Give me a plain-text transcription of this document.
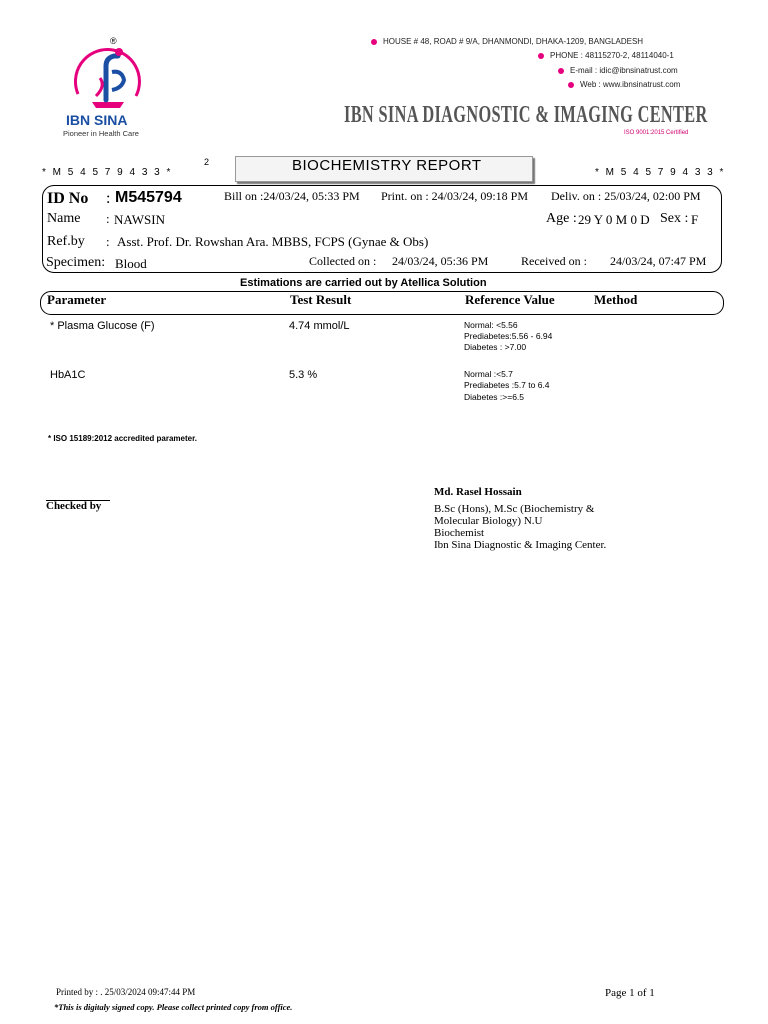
®
IBN SINA
Pioneer in Health Care
HOUSE # 48, ROAD # 9/A, DHANMONDI, DHAKA-1209, BANGLADESH
PHONE : 48115270-2, 48114040-1
E-mail : idic@ibnsinatrust.com
Web : www.ibnsinatrust.com
IBN SINA DIAGNOSTIC & IMAGING CENTER
ISO 9001:2015 Certified
* M 5 4 5 7 9 4 3 3 *
2	BIOCHEMISTRY REPORT	* M 5 4 5 7 9 4 3 3 *
ID No : M545794	Bill on :24/03/24, 05:33 PM Print. on : 24/03/24, 09:18 PM Deliv. on : 25/03/24, 02:00 PM
Name : NAWSIN	Age : 29 Y 0 M 0 D Sex : F
Ref.by : Asst. Prof. Dr. Rowshan Ara. MBBS, FCPS (Gynae & Obs)
Specimen: Blood	Collected on : 24/03/24, 05:36 PM	Received on : 24/03/24, 07:47 PM
Estimations are carried out by Atellica Solution
Parameter	Test Result	Reference Value	Method
* Plasma Glucose (F)	4.74 mmol/L	Normal: <5.56
Prediabetes:5.56 - 6.94
Diabetes : >7.00
HbA1C	5.3 %	Normal :<5.7
Prediabetes :5.7 to 6.4
Diabetes :>=6.5
* ISO 15189:2012 accredited parameter.
Checked by
Md. Rasel Hossain
B.Sc (Hons), M.Sc (Biochemistry &
Molecular Biology) N.U
Biochemist
Ibn Sina Diagnostic & Imaging Center.
Printed by : . 25/03/2024 09:47:44 PM	Page 1 of 1
*This is digitaly signed copy. Please collect printed copy from office.
